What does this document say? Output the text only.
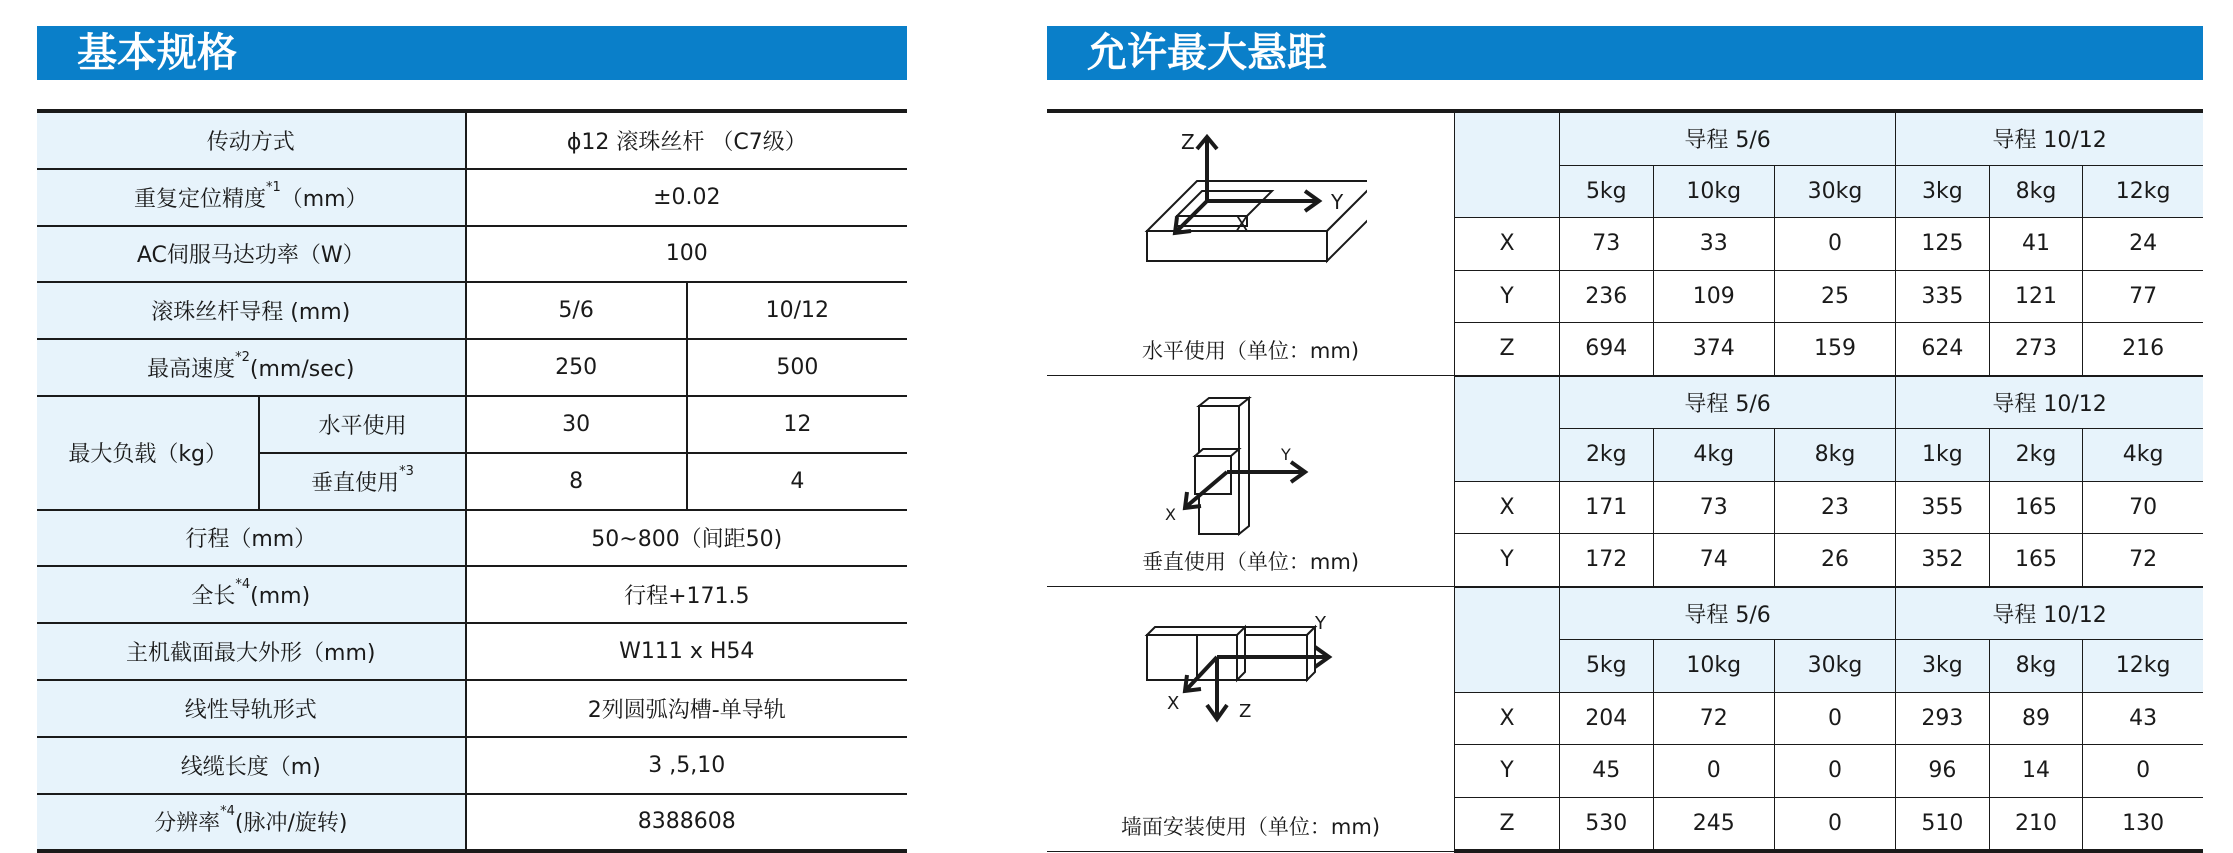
基本规格	允许最大悬距
传动方式		ϕ12 滚珠丝杆 （C7级）	
重复定位精度$^{*1}$（mm）		±0.02	
AC伺服马达功率（W）		100	
滚珠丝杆导程 (mm)		5/6	10/12
最高速度$^{*2}$(mm/sec)		250	500
最大负载（kg）	水平使用	30	12
	垂直使用$^{*3}$	8	4
行程（mm）		50~800（间距50)	
全长$^{*4}$(mm)		行程+171.5	
主机截面最大外形（mm)		W111 x H54	
线性导轨形式		2列圆弧沟槽-单导轨	
线缆长度（m)		3 ,5,10	
分辨率$^{*4}$(脉冲/旋转)		8388608	
Z
Y
X
水平使用（单位：mm)		导程 5/6			导程 10/12		
		5kg	10kg	30kg	3kg	8kg	12kg
	X	73	33	0	125	41	24
	Y	236	109	25	335	121	77
	Z	694	374	159	624	273	216

Y
X
垂直使用（单位：mm)		导程 5/6			导程 10/12		
		2kg	4kg	8kg	1kg	2kg	4kg
	X	171	73	23	355	165	70
	Y	172	74	26	352	165	72

Y
X Z
墙面安装使用（单位：mm)		导程 5/6			导程 10/12		
		5kg	10kg	30kg	3kg	8kg	12kg
	X	204	72	0	293	89	43
	Y	45	0	0	96	14	0
	Z	530	245	0	510	210	130
